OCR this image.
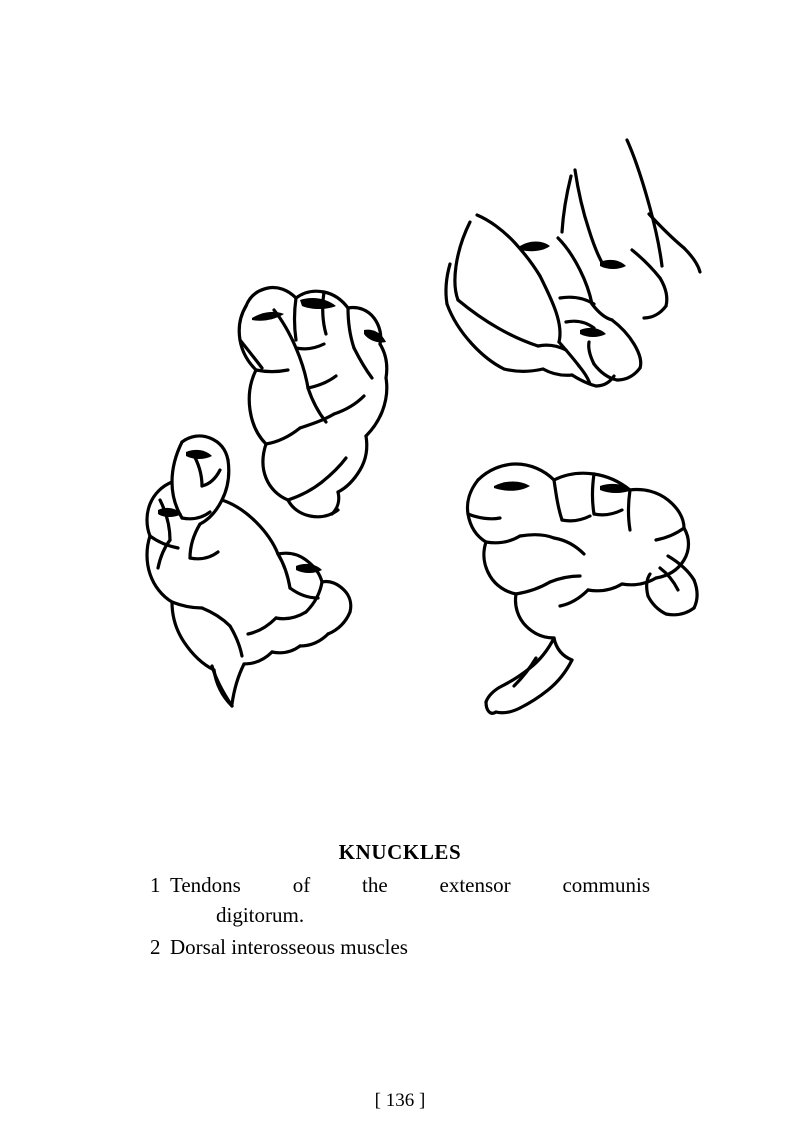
KNUCKLES
1 Tendons of the extensor communis
digitorum.
2 Dorsal interosseous muscles
[ 136 ]
